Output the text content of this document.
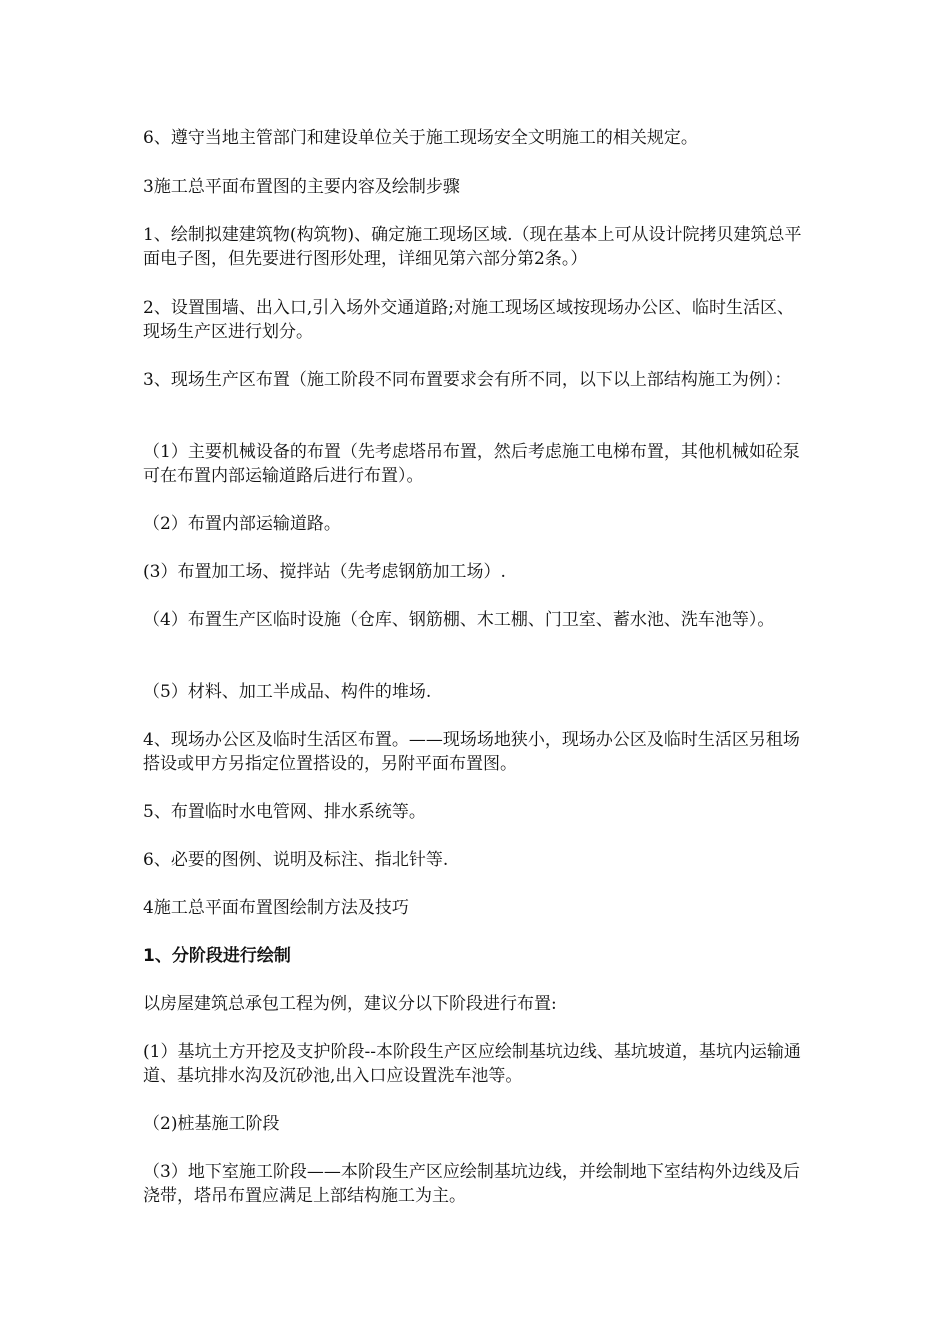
6、遵守当地主管部门和建设单位关于施工现场安全文明施工的相关规定。

3施工总平面布置图的主要内容及绘制步骤

1、绘制拟建建筑物(构筑物)、确定施工现场区域.（现在基本上可从设计院拷贝建筑总平面电子图，但先要进行图形处理，详细见第六部分第2条。）

2、设置围墙、出入口,引入场外交通道路;对施工现场区域按现场办公区、临时生活区、现场生产区进行划分。

3、现场生产区布置（施工阶段不同布置要求会有所不同，以下以上部结构施工为例）：

（1）主要机械设备的布置（先考虑塔吊布置，然后考虑施工电梯布置，其他机械如砼泵可在布置内部运输道路后进行布置）。

（2）布置内部运输道路。

(3）布置加工场、搅拌站（先考虑钢筋加工场）.

（4）布置生产区临时设施（仓库、钢筋棚、木工棚、门卫室、蓄水池、洗车池等）。

（5）材料、加工半成品、构件的堆场.

4、现场办公区及临时生活区布置。——现场场地狭小，现场办公区及临时生活区另租场搭设或甲方另指定位置搭设的，另附平面布置图。

5、布置临时水电管网、排水系统等。

6、必要的图例、说明及标注、指北针等.

4施工总平面布置图绘制方法及技巧

1、分阶段进行绘制

以房屋建筑总承包工程为例，建议分以下阶段进行布置:

(1）基坑土方开挖及支护阶段--本阶段生产区应绘制基坑边线、基坑坡道，基坑内运输通道、基坑排水沟及沉砂池,出入口应设置洗车池等。

（2)桩基施工阶段

（3）地下室施工阶段——本阶段生产区应绘制基坑边线，并绘制地下室结构外边线及后浇带，塔吊布置应满足上部结构施工为主。
